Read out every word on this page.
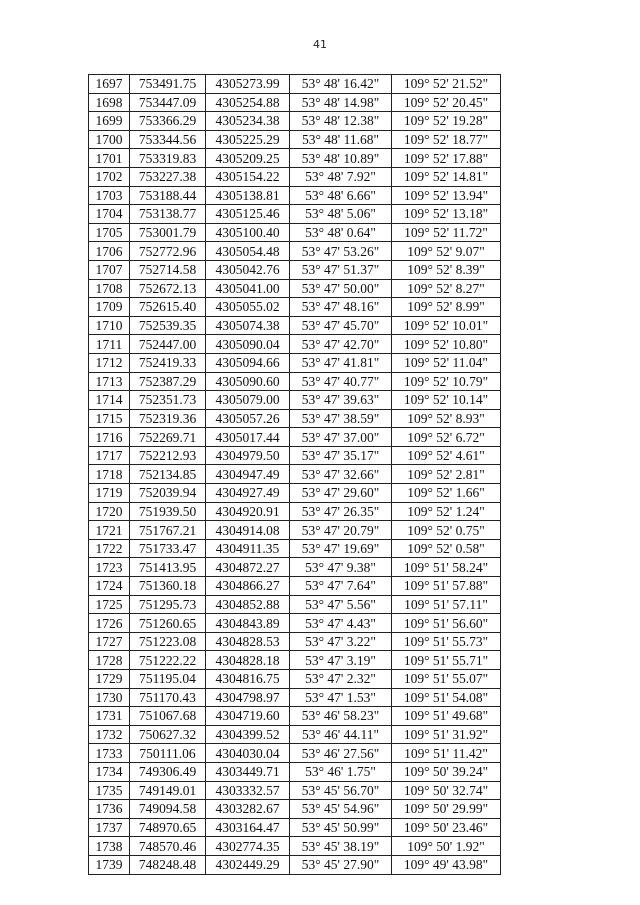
41
1697	753491.75	4305273.99	53° 48' 16.42"	109° 52' 21.52"
1698	753447.09	4305254.88	53° 48' 14.98"	109° 52' 20.45"
1699	753366.29	4305234.38	53° 48' 12.38"	109° 52' 19.28"
1700	753344.56	4305225.29	53° 48' 11.68"	109° 52' 18.77"
1701	753319.83	4305209.25	53° 48' 10.89"	109° 52' 17.88"
1702	753227.38	4305154.22	53° 48' 7.92"	109° 52' 14.81"
1703	753188.44	4305138.81	53° 48' 6.66"	109° 52' 13.94"
1704	753138.77	4305125.46	53° 48' 5.06"	109° 52' 13.18"
1705	753001.79	4305100.40	53° 48' 0.64"	109° 52' 11.72"
1706	752772.96	4305054.48	53° 47' 53.26"	109° 52' 9.07"
1707	752714.58	4305042.76	53° 47' 51.37"	109° 52' 8.39"
1708	752672.13	4305041.00	53° 47' 50.00"	109° 52' 8.27"
1709	752615.40	4305055.02	53° 47' 48.16"	109° 52' 8.99"
1710	752539.35	4305074.38	53° 47' 45.70"	109° 52' 10.01"
1711	752447.00	4305090.04	53° 47' 42.70"	109° 52' 10.80"
1712	752419.33	4305094.66	53° 47' 41.81"	109° 52' 11.04"
1713	752387.29	4305090.60	53° 47' 40.77"	109° 52' 10.79"
1714	752351.73	4305079.00	53° 47' 39.63"	109° 52' 10.14"
1715	752319.36	4305057.26	53° 47' 38.59"	109° 52' 8.93"
1716	752269.71	4305017.44	53° 47' 37.00"	109° 52' 6.72"
1717	752212.93	4304979.50	53° 47' 35.17"	109° 52' 4.61"
1718	752134.85	4304947.49	53° 47' 32.66"	109° 52' 2.81"
1719	752039.94	4304927.49	53° 47' 29.60"	109° 52' 1.66"
1720	751939.50	4304920.91	53° 47' 26.35"	109° 52' 1.24"
1721	751767.21	4304914.08	53° 47' 20.79"	109° 52' 0.75"
1722	751733.47	4304911.35	53° 47' 19.69"	109° 52' 0.58"
1723	751413.95	4304872.27	53° 47' 9.38"	109° 51' 58.24"
1724	751360.18	4304866.27	53° 47' 7.64"	109° 51' 57.88"
1725	751295.73	4304852.88	53° 47' 5.56"	109° 51' 57.11"
1726	751260.65	4304843.89	53° 47' 4.43"	109° 51' 56.60"
1727	751223.08	4304828.53	53° 47' 3.22"	109° 51' 55.73"
1728	751222.22	4304828.18	53° 47' 3.19"	109° 51' 55.71"
1729	751195.04	4304816.75	53° 47' 2.32"	109° 51' 55.07"
1730	751170.43	4304798.97	53° 47' 1.53"	109° 51' 54.08"
1731	751067.68	4304719.60	53° 46' 58.23"	109° 51' 49.68"
1732	750627.32	4304399.52	53° 46' 44.11"	109° 51' 31.92"
1733	750111.06	4304030.04	53° 46' 27.56"	109° 51' 11.42"
1734	749306.49	4303449.71	53° 46' 1.75"	109° 50' 39.24"
1735	749149.01	4303332.57	53° 45' 56.70"	109° 50' 32.74"
1736	749094.58	4303282.67	53° 45' 54.96"	109° 50' 29.99"
1737	748970.65	4303164.47	53° 45' 50.99"	109° 50' 23.46"
1738	748570.46	4302774.35	53° 45' 38.19"	109° 50' 1.92"
1739	748248.48	4302449.29	53° 45' 27.90"	109° 49' 43.98"
